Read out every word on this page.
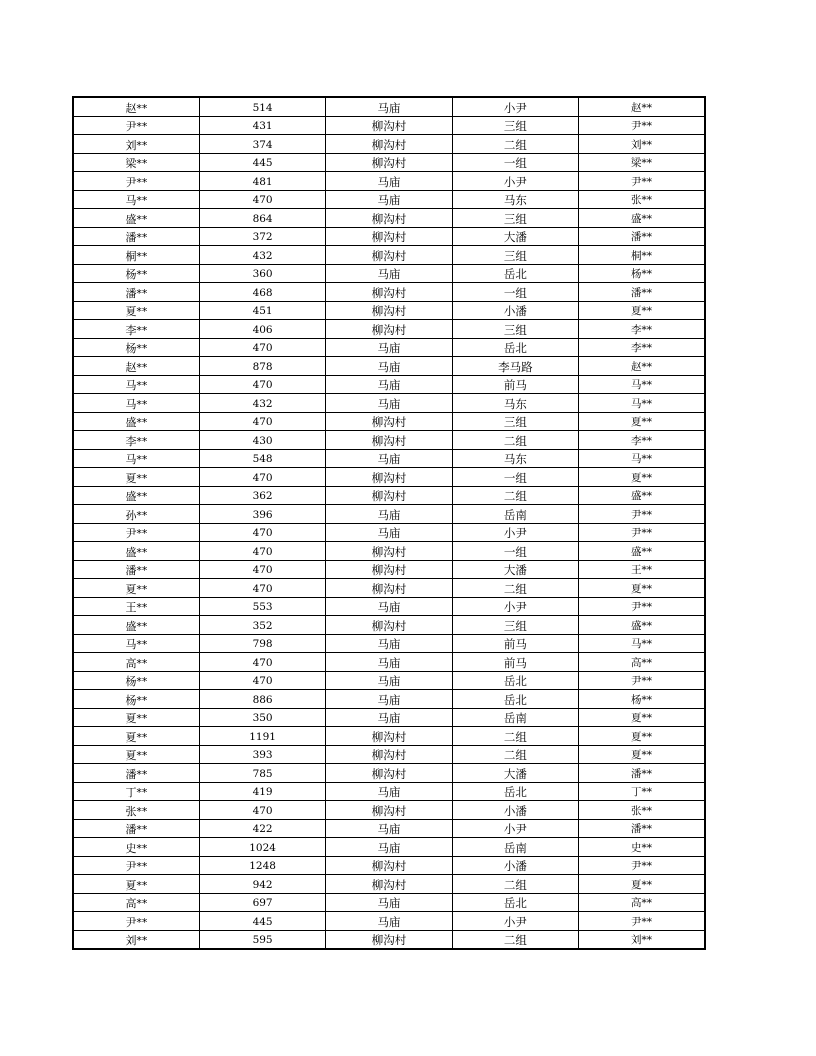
赵**	514	马庙	小尹	赵**
尹**	431	柳沟村	三组	尹**
刘**	374	柳沟村	二组	刘**
梁**	445	柳沟村	一组	梁**
尹**	481	马庙	小尹	尹**
马**	470	马庙	马东	张**
盛**	864	柳沟村	三组	盛**
潘**	372	柳沟村	大潘	潘**
桐**	432	柳沟村	三组	桐**
杨**	360	马庙	岳北	杨**
潘**	468	柳沟村	一组	潘**
夏**	451	柳沟村	小潘	夏**
李**	406	柳沟村	三组	李**
杨**	470	马庙	岳北	李**
赵**	878	马庙	李马路	赵**
马**	470	马庙	前马	马**
马**	432	马庙	马东	马**
盛**	470	柳沟村	三组	夏**
李**	430	柳沟村	二组	李**
马**	548	马庙	马东	马**
夏**	470	柳沟村	一组	夏**
盛**	362	柳沟村	二组	盛**
孙**	396	马庙	岳南	尹**
尹**	470	马庙	小尹	尹**
盛**	470	柳沟村	一组	盛**
潘**	470	柳沟村	大潘	王**
夏**	470	柳沟村	二组	夏**
王**	553	马庙	小尹	尹**
盛**	352	柳沟村	三组	盛**
马**	798	马庙	前马	马**
高**	470	马庙	前马	高**
杨**	470	马庙	岳北	尹**
杨**	886	马庙	岳北	杨**
夏**	350	马庙	岳南	夏**
夏**	1191	柳沟村	二组	夏**
夏**	393	柳沟村	二组	夏**
潘**	785	柳沟村	大潘	潘**
丁**	419	马庙	岳北	丁**
张**	470	柳沟村	小潘	张**
潘**	422	马庙	小尹	潘**
史**	1024	马庙	岳南	史**
尹**	1248	柳沟村	小潘	尹**
夏**	942	柳沟村	二组	夏**
高**	697	马庙	岳北	高**
尹**	445	马庙	小尹	尹**
刘**	595	柳沟村	二组	刘**
